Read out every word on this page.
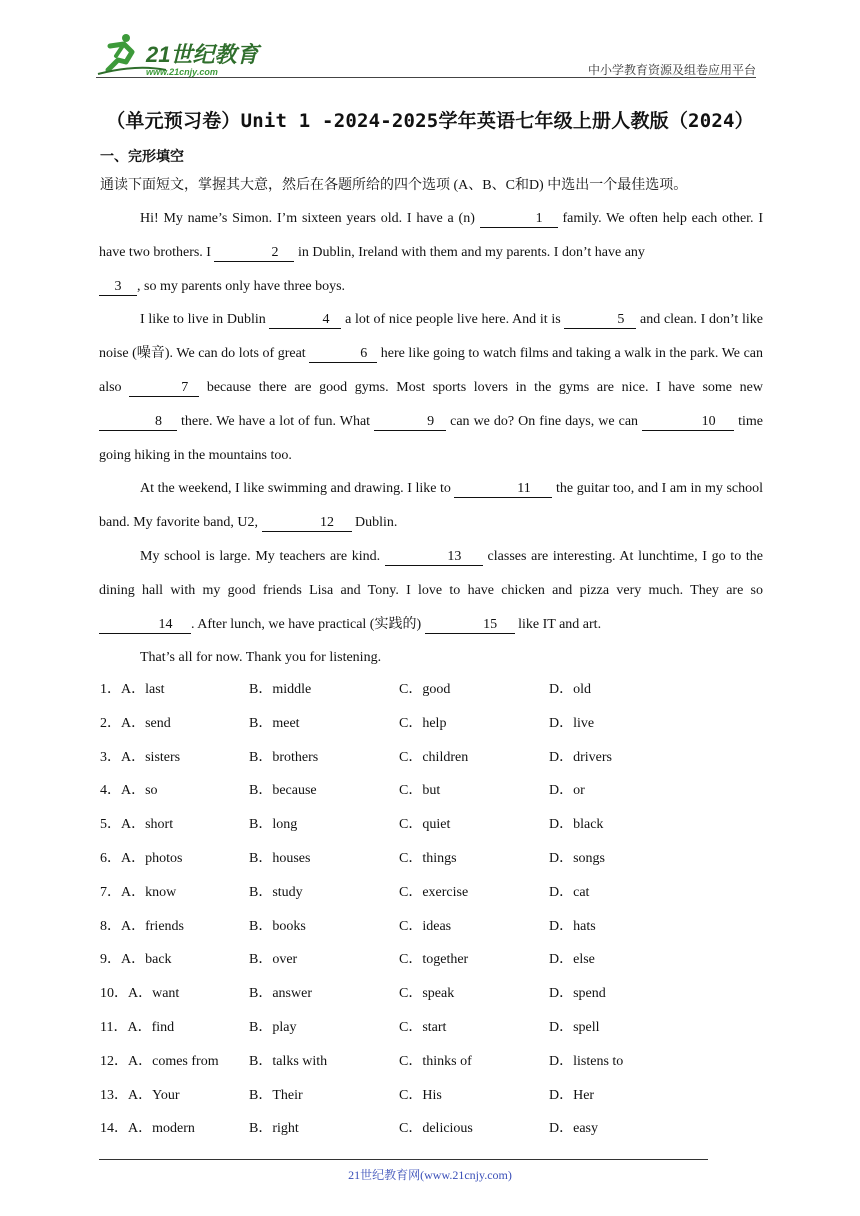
21世纪教育
www.21cnjy.com	中小学教育资源及组卷应用平台
（单元预习卷）Unit 1 -2024-2025学年英语七年级上册人教版（2024）
一、完形填空
通读下面短文，掌握其大意，然后在各题所给的四个选项 (A、B、C和D) 中选出一个最佳选项。

Hi! My name’s Simon. I’m sixteen years old. I have a (n)	1 family. We often help each other. I have two brothers. I	2 in Dublin, Ireland with them and my parents. I don’t have any

3 , so my parents only have three boys.

I like to live in Dublin	4 a lot of nice people live here. And it is	5 and clean. I don’t like noise (噪音). We can do lots of great	6 here like going to watch films and taking a walk in the park. We can also	7 because there are good gyms. Most sports lovers in the gyms are nice. I have some new 8 there. We have a lot of fun. What	9 can we do? On fine days, we can	10 time going hiking in the mountains too.

At the weekend, I like swimming and drawing. I like to	11 the guitar too, and I am in my school band. My favorite band, U2,	12 Dublin.

My school is large. My teachers are kind.	13 classes are interesting. At lunchtime, I go to the dining hall with my good friends Lisa and Tony. I love to have chicken and pizza very much. They are so 14 . After lunch, we have practical (实践的)	15 like IT and art.

That’s all for now. Thank you for listening.

1．A．last	B．middle	C．good	D．old
2．A．send	B．meet	C．help	D．live
3．A．sisters	B．brothers	C．children	D．drivers
4．A．so	B．because	C．but	D．or
5．A．short	B．long	C．quiet	D．black
6．A．photos	B．houses	C．things	D．songs
7．A．know	B．study	C．exercise	D．cat
8．A．friends	B．books	C．ideas	D．hats
9．A．back	B．over	C．together	D．else
10．A．want	B．answer	C．speak	D．spend
11．A．find	B．play	C．start	D．spell
12．A．comes from B．talks with	C．thinks of	D．listens to
13．A．Your	B．Their	C．His	D．Her
14．A．modern	B．right	C．delicious	D．easy
21世纪教育网(www.21cnjy.com)
